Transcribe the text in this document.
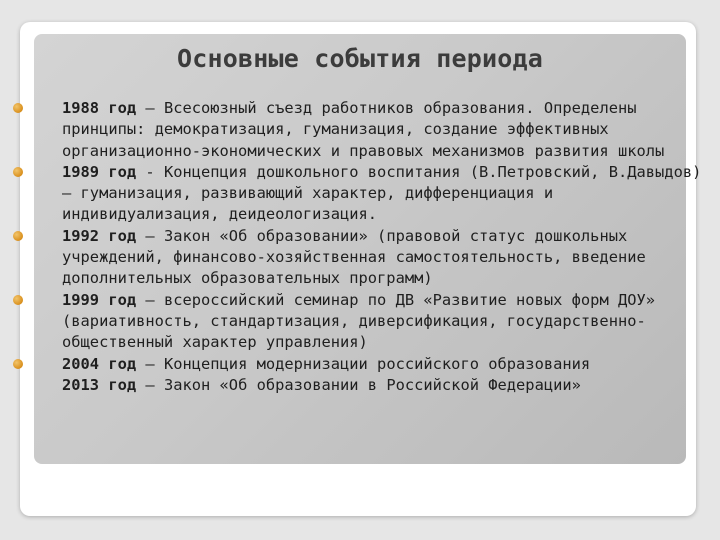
Основные события периода
1988 год – Всесоюзный съезд работников образования. Определены принципы: демократизация, гуманизация, создание эффективных организационно-экономических и правовых механизмов развития школы
1989 год - Концепция дошкольного воспитания (В.Петровский, В.Давыдов) – гуманизация, развивающий характер, дифференциация и индивидуализация, деидеологизация.
1992 год – Закон «Об образовании» (правовой статус дошкольных учреждений, финансово-хозяйственная самостоятельность, введение дополнительных образовательных программ)
1999 год – всероссийский семинар по ДВ «Развитие новых форм ДОУ» (вариативность, стандартизация, диверсификация, государственно-общественный характер управления)
2004 год – Концепция модернизации российского образования
2013 год – Закон «Об образовании в Российской Федерации»
